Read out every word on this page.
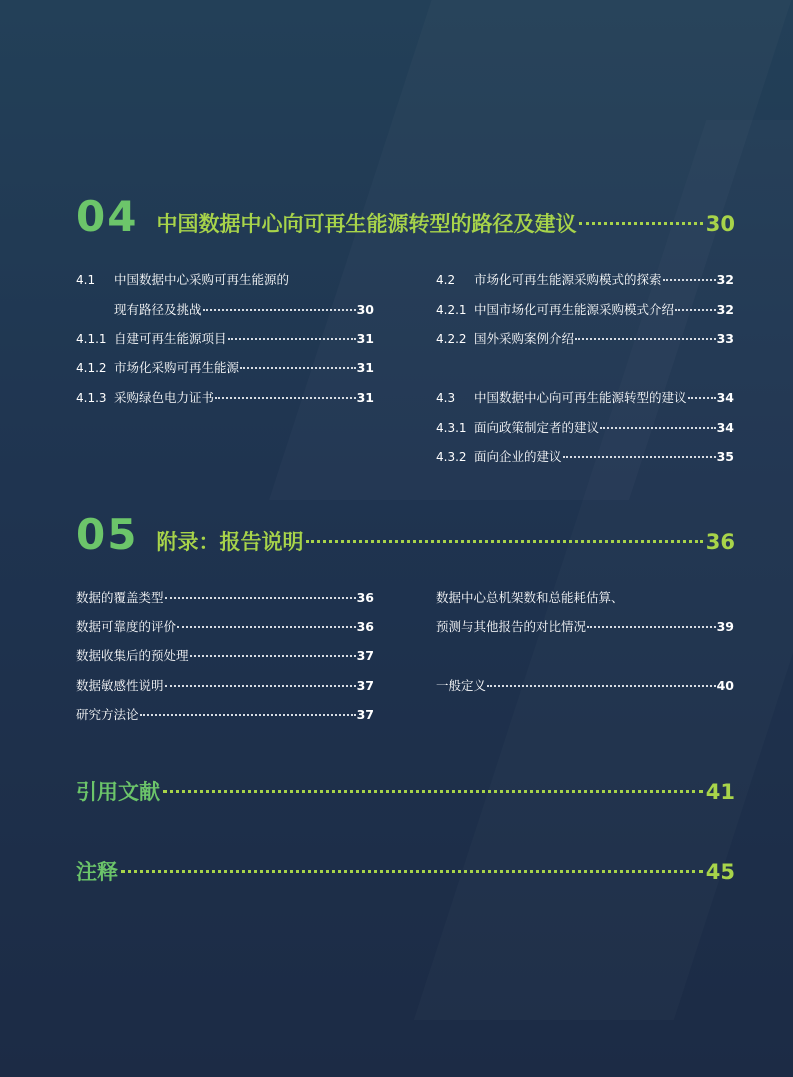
04 中国数据中心向可再生能源转型的路径及建议	30
4.1	中国数据中心采购可再生能源的
现有路径及挑战	30
4.1.1 自建可再生能源项目	31
4.1.2 市场化采购可再生能源	31
4.1.3 采购绿色电力证书	31
4.2	市场化可再生能源采购模式的探索	32
4.2.1 中国市场化可再生能源采购模式介绍	32
4.2.2 国外采购案例介绍	33
4.3	中国数据中心向可再生能源转型的建议 34
4.3.1 面向政策制定者的建议	34
4.3.2 面向企业的建议	35
05 附录：报告说明	36
数据的覆盖类型	36
数据可靠度的评价	36
数据收集后的预处理	37
数据敏感性说明	37
研究方法论	37
数据中心总机架数和总能耗估算、
预测与其他报告的对比情况	39
一般定义	40
引用文献	41
注释	45
